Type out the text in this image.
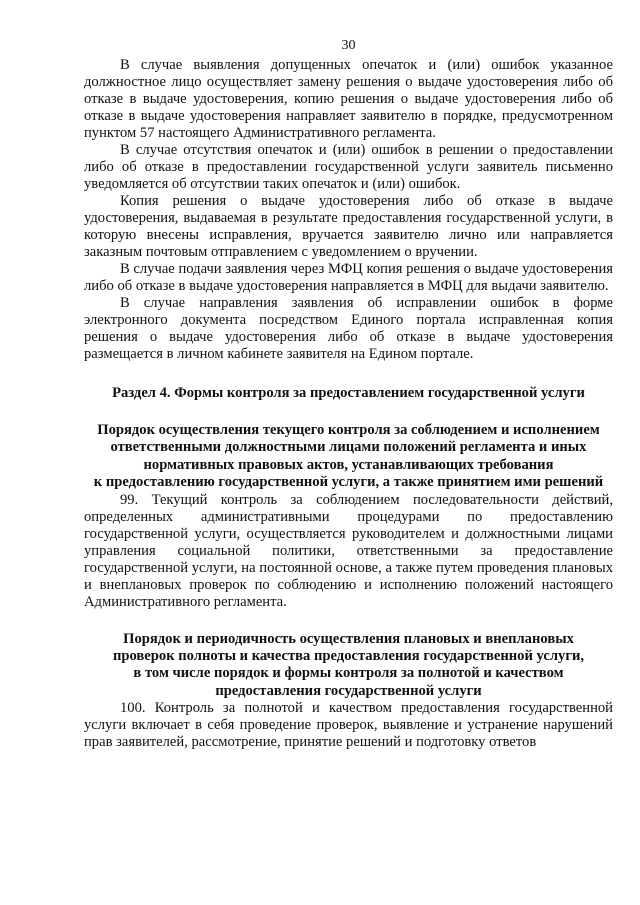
30

В случае выявления допущенных опечаток и (или) ошибок указанное должностное лицо осуществляет замену решения о выдаче удостоверения либо об отказе в выдаче удостоверения, копию решения о выдаче удостоверения либо об отказе в выдаче удостоверения направляет заявителю в порядке, предусмотренном пунктом 57 настоящего Административного регламента.

В случае отсутствия опечаток и (или) ошибок в решении о предоставлении либо об отказе в предоставлении государственной услуги заявитель письменно уведомляется об отсутствии таких опечаток и (или) ошибок.

Копия решения о выдаче удостоверения либо об отказе в выдаче удостоверения, выдаваемая в результате предоставления государственной услуги, в которую внесены исправления, вручается заявителю лично или направляется заказным почтовым отправлением с уведомлением о вручении.

В случае подачи заявления через МФЦ копия решения о выдаче удостоверения либо об отказе в выдаче удостоверения направляется в МФЦ для выдачи заявителю.

В случае направления заявления об исправлении ошибок в форме электронного документа посредством Единого портала исправленная копия решения о выдаче удостоверения либо об отказе в выдаче удостоверения размещается в личном кабинете заявителя на Едином портале.

Раздел 4. Формы контроля за предоставлением государственной услуги
Порядок осуществления текущего контроля за соблюдением и исполнением
ответственными должностными лицами положений регламента и иных
нормативных правовых актов, устанавливающих требования
к предоставлению государственной услуги, а также принятием ими решений

99. Текущий контроль за соблюдением последовательности действий, определенных административными процедурами по предоставлению государственной услуги, осуществляется руководителем и должностными лицами управления социальной политики, ответственными за предоставление государственной услуги, на постоянной основе, а также путем проведения плановых и внеплановых проверок по соблюдению и исполнению положений настоящего Административного регламента.

Порядок и периодичность осуществления плановых и внеплановых
проверок полноты и качества предоставления государственной услуги,
в том числе порядок и формы контроля за полнотой и качеством
предоставления государственной услуги

100. Контроль за полнотой и качеством предоставления государственной услуги включает в себя проведение проверок, выявление и устранение нарушений прав заявителей, рассмотрение, принятие решений и подготовку ответов
